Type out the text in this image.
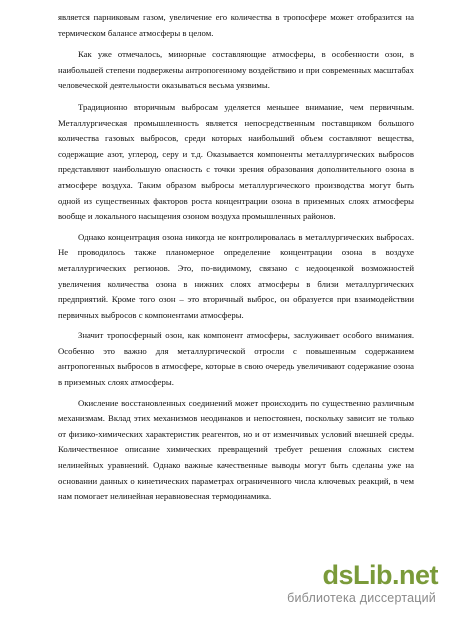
является парниковым газом, увеличение его количества в тропосфере может отобразится на термическом балансе атмосферы в целом.

Как уже отмечалось, минорные составляющие атмосферы, в особенности озон, в наибольшей степени подвержены антропогенному воздействию и при современных масштабах человеческой деятельности оказываться весьма уязвимы.

Традиционно вторичным выбросам уделяется меньшее внимание, чем первичным. Металлургическая промышленность является непосредственным поставщиком большого количества газовых выбросов, среди которых наибольший объем составляют вещества, содержащие азот, углерод, серу и т.д. Оказывается компоненты металлургических выбросов представляют наибольшую опасность с точки зрения образования дополнительного озона в атмосфере воздуха. Таким образом выбросы металлургического производства могут быть одной из существенных факторов роста концентрации озона в приземных слоях атмосферы вообще и локального насыщения озоном воздуха промышленных районов.

Однако концентрация озона никогда не контролировалась в металлургических выбросах. Не проводилось также планомерное определение концентрации озона в воздухе металлургических регионов. Это, по-видимому, связано с недооценкой возможностей увеличения количества озона в нижних слоях атмосферы в близи металлургических предприятий. Кроме того озон – это вторичный выброс, он образуется при взаимодействии первичных выбросов с компонентами атмосферы.

Значит тропосферный озон, как компонент атмосферы, заслуживает особого внимания. Особенно это важно для металлургической отросли с повышенным содержанием антропогенных выбросов в атмосфере, которые в свою очередь увеличивают содержание озона в приземных слоях атмосферы.

Окисление восстановленных соединений может происходить по существенно различным механизмам. Вклад этих механизмов неодинаков и непостоянен, поскольку зависит не только от физико-химических характеристик реагентов, но и от изменчивых условий внешней среды. Количественное описание химических превращений требует решения сложных систем нелинейных уравнений. Однако важные качественные выводы могут быть сделаны уже на основании данных о кинетических параметрах ограниченного числа ключевых реакций, в чем нам помогает нелинейная неравновесная термодинамика.

dsLib.net
библиотека диссертаций
